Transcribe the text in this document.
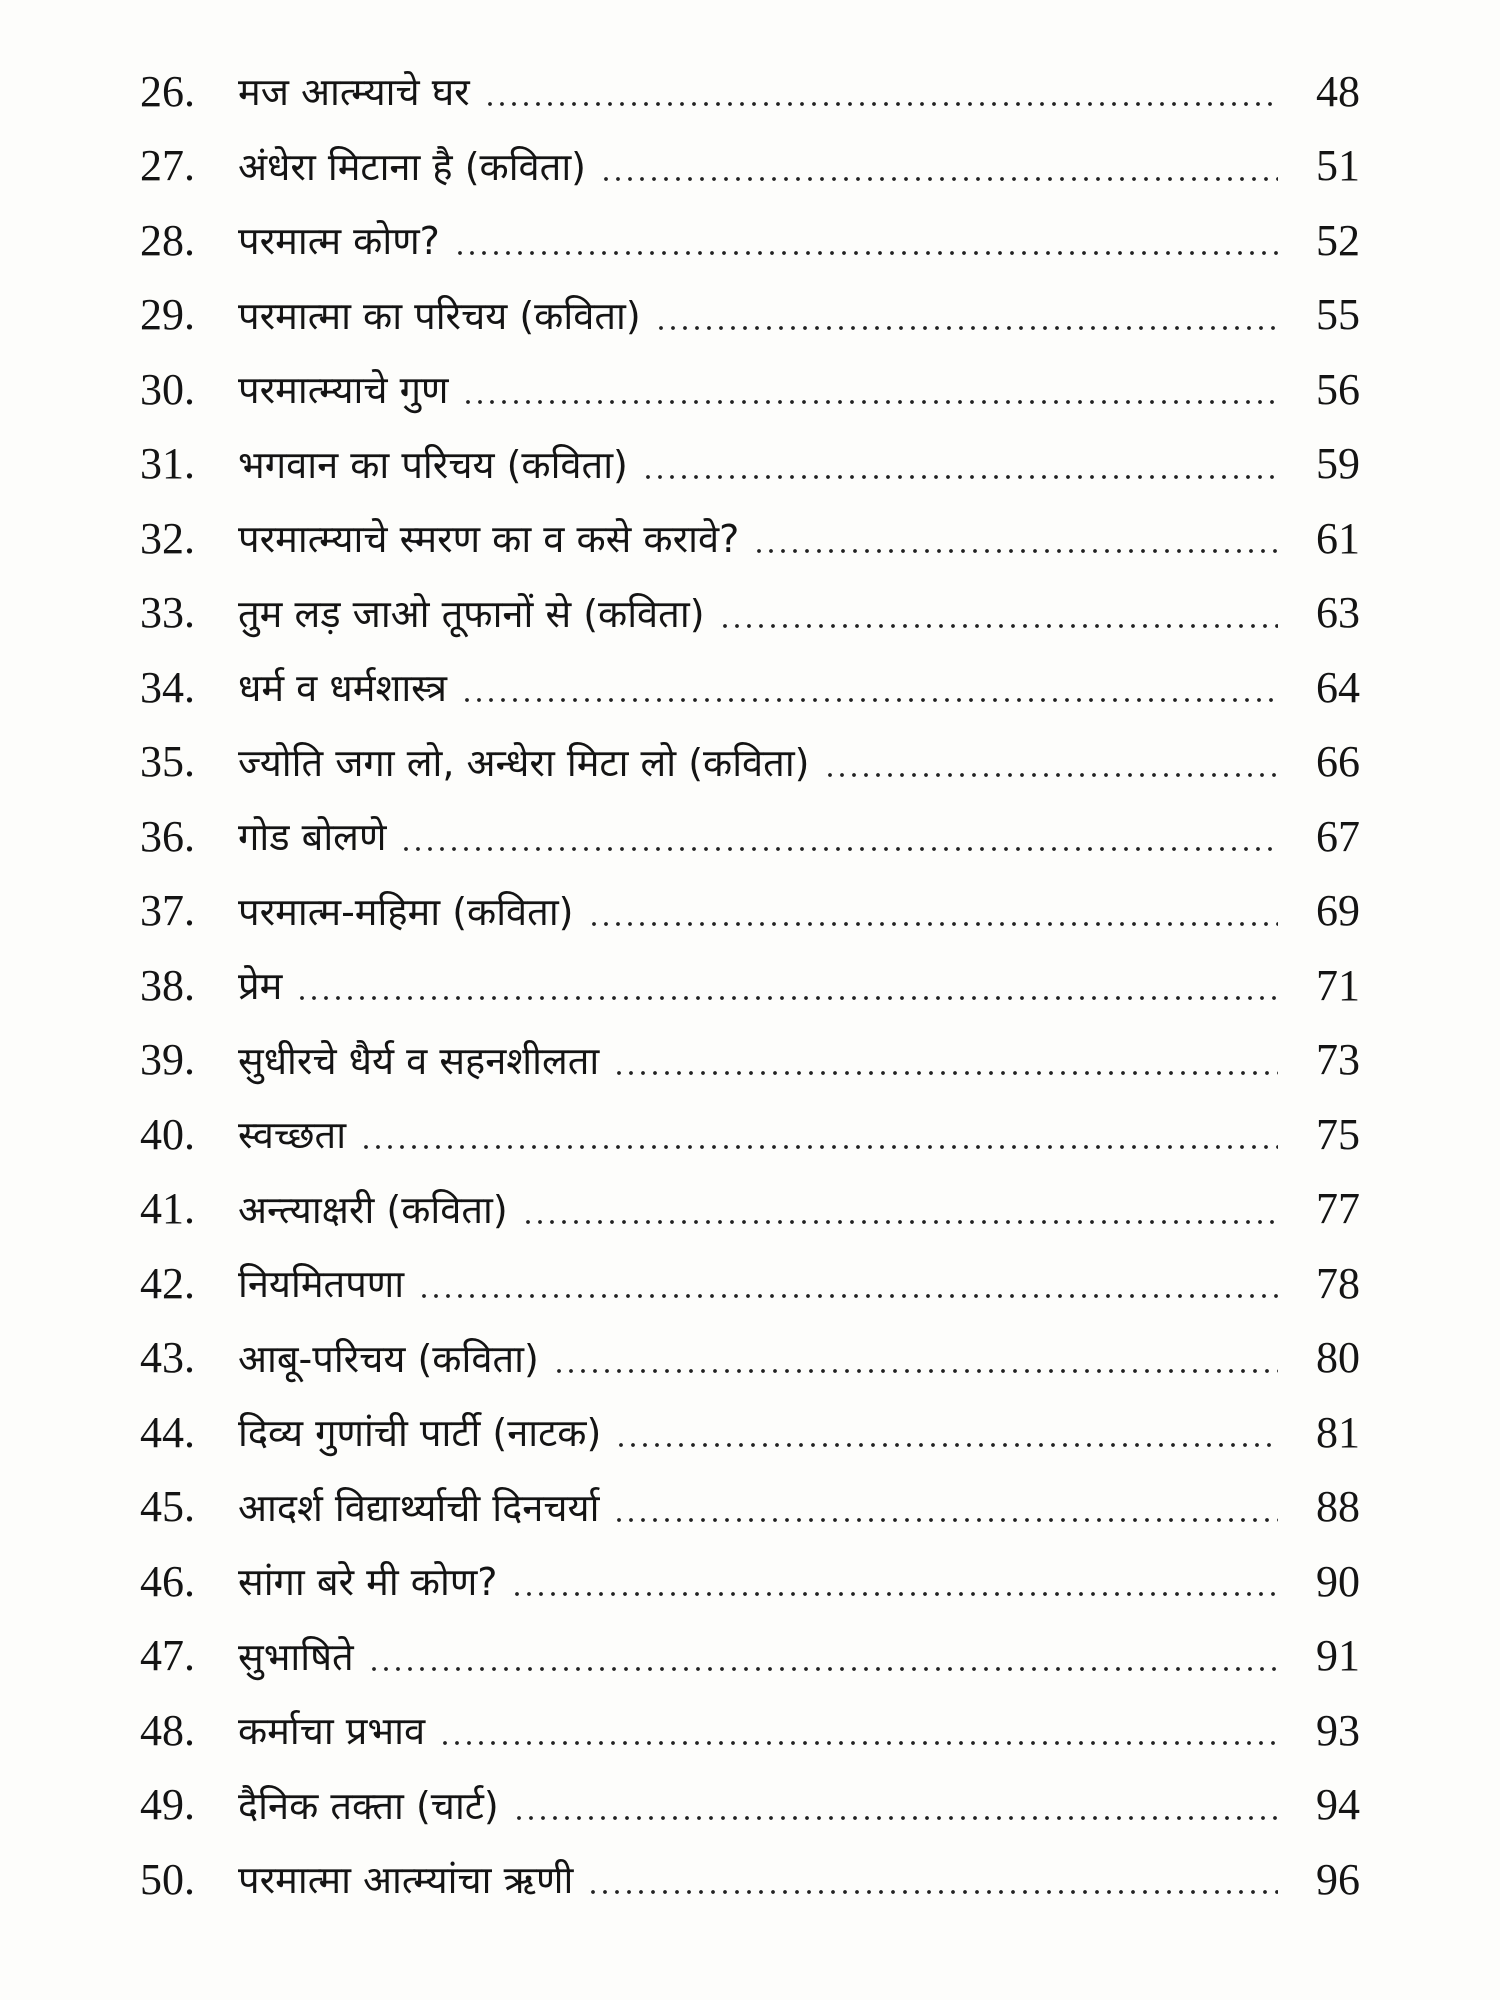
26.	मज आत्म्याचे घर	48
27.	अंधेरा मिटाना है (कविता)	51
28.	परमात्म कोण?	52
29.	परमात्मा का परिचय (कविता)	55
30.	परमात्म्याचे गुण	56
31.	भगवान का परिचय (कविता)	59
32.	परमात्म्याचे स्मरण का व कसे करावे?	61
33.	तुम लड़ जाओ तूफानों से (कविता)	63
34.	धर्म व धर्मशास्त्र	64
35.	ज्योति जगा लो, अन्धेरा मिटा लो (कविता)	66
36.	गोड बोलणे	67
37.	परमात्म-महिमा (कविता)	69
38.	प्रेम	71
39.	सुधीरचे धैर्य व सहनशीलता	73
40.	स्वच्छता	75
41.	अन्त्याक्षरी (कविता)	77
42.	नियमितपणा	78
43.	आबू-परिचय (कविता)	80
44.	दिव्य गुणांची पार्टी (नाटक)	81
45.	आदर्श विद्यार्थ्याची दिनचर्या	88
46.	सांगा बरे मी कोण?	90
47.	सुभाषिते	91
48.	कर्माचा प्रभाव	93
49.	दैनिक तक्ता (चार्ट)	94
50.	परमात्मा आत्म्यांचा ऋणी	96
